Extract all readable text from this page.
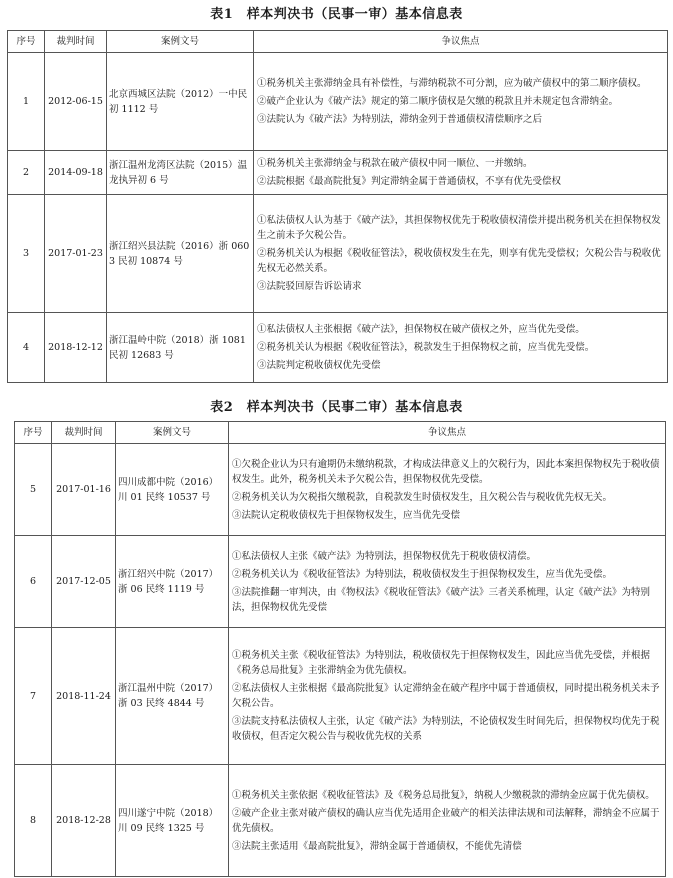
表1　样本判决书（民事一审）基本信息表
序号	裁判时间	案例文号	争议焦点
1	2012-06-15	北京西城区法院（2012）一中民初 1112 号	①税务机关主张滞纳金具有补偿性，与滞纳税款不可分割，应为破产债权中的第二顺序债权。
②破产企业认为《破产法》规定的第二顺序债权是欠缴的税款且并未规定包含滞纳金。
③法院认为《破产法》为特别法，滞纳金列于普通债权清偿顺序之后

2	2014-09-18	浙江温州龙湾区法院（2015）温龙执异初 6 号	①税务机关主张滞纳金与税款在破产债权中同一顺位、一并缴纳。
②法院根据《最高院批复》判定滞纳金属于普通债权，不享有优先受偿权

3	2017-01-23	浙江绍兴县法院（2016）浙 0603 民初 10874 号	①私法债权人认为基于《破产法》，其担保物权优先于税收债权清偿并提出税务机关在担保物权发生之前未予欠税公告。
②税务机关认为根据《税收征管法》，税收债权发生在先，则享有优先受偿权；欠税公告与税收优先权无必然关系。
③法院驳回原告诉讼请求

4	2018-12-12	浙江温岭中院（2018）浙 1081 民初 12683 号	①私法债权人主张根据《破产法》，担保物权在破产债权之外，应当优先受偿。
②税务机关认为根据《税收征管法》，税款发生于担保物权之前，应当优先受偿。
③法院判定税收债权优先受偿
表2　样本判决书（民事二审）基本信息表
序号	裁判时间	案例文号	争议焦点
5	2017-01-16	四川成都中院（2016）川 01 民终 10537 号	①欠税企业认为只有逾期仍未缴纳税款，才构成法律意义上的欠税行为，因此本案担保物权先于税收债权发生。此外，税务机关未予欠税公告，担保物权优先受偿。
②税务机关认为欠税指欠缴税款，自税款发生时债权发生，且欠税公告与税收优先权无关。
③法院认定税收债权先于担保物权发生，应当优先受偿

6	2017-12-05	浙江绍兴中院（2017）浙 06 民终 1119 号	①私法债权人主张《破产法》为特别法，担保物权优先于税收债权清偿。
②税务机关认为《税收征管法》为特别法，税收债权发生于担保物权发生，应当优先受偿。
③法院推翻一审判决，由《物权法》《税收征管法》《破产法》三者关系梳理，认定《破产法》为特别法，担保物权优先受偿

7	2018-11-24	浙江温州中院（2017）浙 03 民终 4844 号	①税务机关主张《税收征管法》为特别法，税收债权先于担保物权发生，因此应当优先受偿，并根据《税务总局批复》主张滞纳金为优先债权。
②私法债权人主张根据《最高院批复》认定滞纳金在破产程序中属于普通债权，同时提出税务机关未予欠税公告。
③法院支持私法债权人主张，认定《破产法》为特别法，不论债权发生时间先后，担保物权均优先于税收债权，但否定欠税公告与税收优先权的关系

8	2018-12-28	四川遂宁中院（2018）川 09 民终 1325 号	①税务机关主张依据《税收征管法》及《税务总局批复》，纳税人少缴税款的滞纳金应属于优先债权。
②破产企业主张对破产债权的确认应当优先适用企业破产的相关法律法规和司法解释，滞纳金不应属于优先债权。
③法院主张适用《最高院批复》，滞纳金属于普通债权，不能优先清偿
